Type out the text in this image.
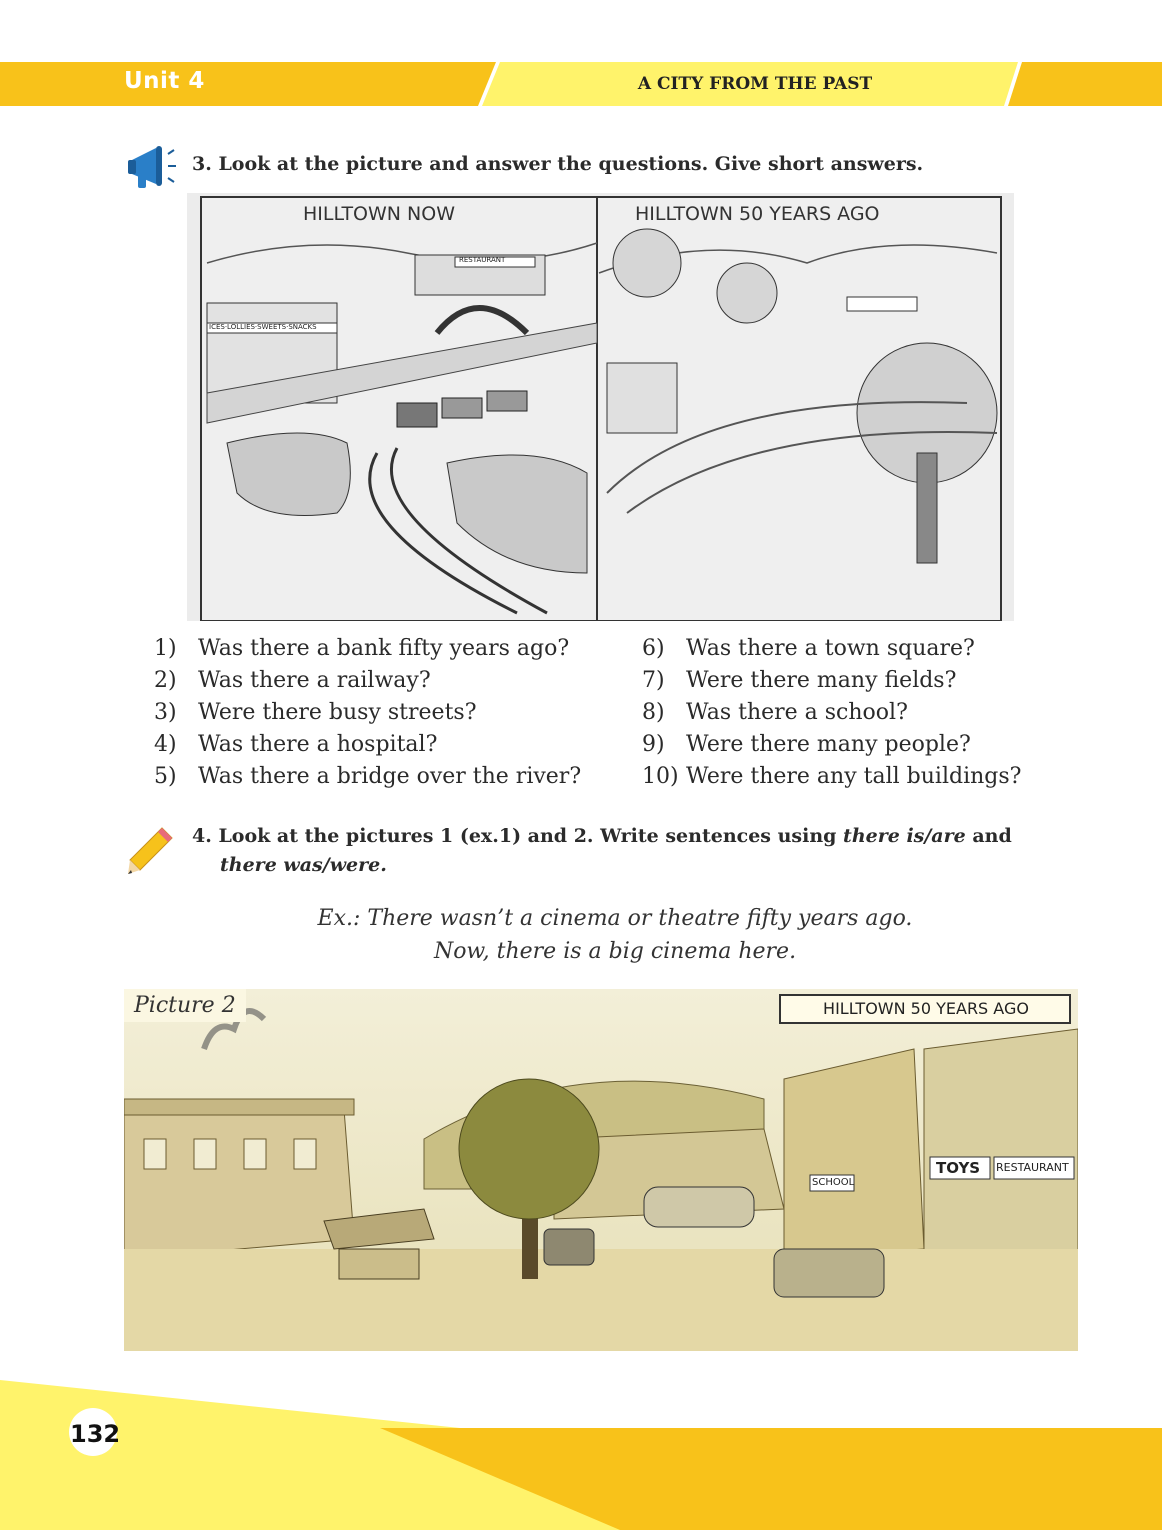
Unit 4	A CITY FROM THE PAST
3. Look at the picture and answer the questions. Give short answers.
HILLTOWN NOW	HILLTOWN 50 YEARS AGO
RESTAURANT
ICES·LOLLIES·SWEETS·SNACKS
1) Was there a bank fifty years ago?
2) Was there a railway?
3) Were there busy streets?
4) Was there a hospital?
5) Was there a bridge over the river?
6) Was there a town square?
7) Were there many fields?
8) Was there a school?
9) Were there many people?
10) Were there any tall buildings?
4. Look at the pictures 1 (ex.1) and 2. Write sentences using there is/are and
there was/were.
Ex.: There wasn’t a cinema or theatre fifty years ago.
Now, there is a big cinema here.
Picture 2	HILLTOWN 50 YEARS AGO
TOYS RESTAURANT
SCHOOL
132
